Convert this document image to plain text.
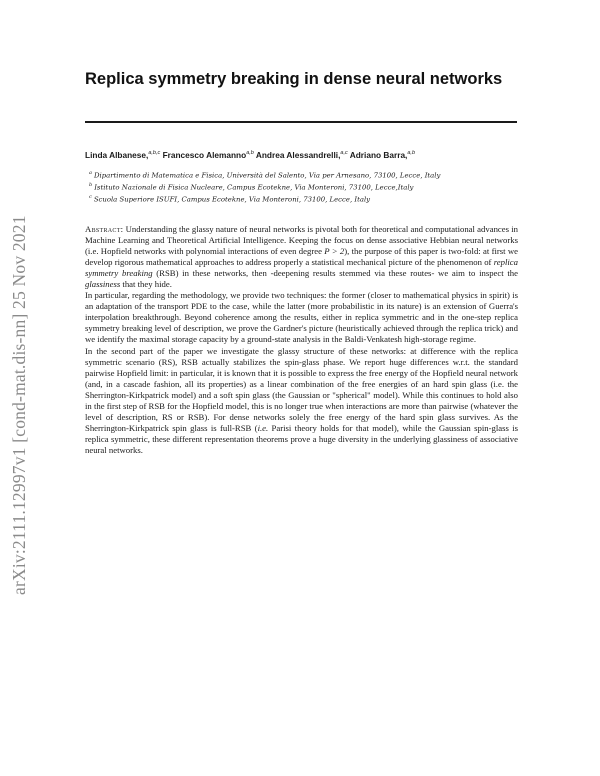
arXiv:2111.12997v1 [cond-mat.dis-nn] 25 Nov 2021
Replica symmetry breaking in dense neural networks
Linda Albanese,$^{a,b,c}$ Francesco Alemanno$^{a,b}$ Andrea Alessandrelli,$^{a,c}$ Adriano Barra,$^{a,b}$
$^a$ Dipartimento di Matematica e Fisica, Università del Salento, Via per Arnesano, 73100, Lecce, Italy
$^b$ Istituto Nazionale di Fisica Nucleare, Campus Ecotekne, Via Monteroni, 73100, Lecce,Italy
$^c$ Scuola Superiore ISUFI, Campus Ecotekne, Via Monteroni, 73100, Lecce, Italy

Abstract: Understanding the glassy nature of neural networks is pivotal both for theoretical and computational advances in Machine Learning and Theoretical Artificial Intelligence. Keeping the focus on dense associative Hebbian neural networks (i.e. Hopfield networks with polynomial interactions of even degree P > 2), the purpose of this paper is two-fold: at first we develop rigorous mathematical approaches to address properly a statistical mechanical picture of the phenomenon of replica symmetry breaking (RSB) in these networks, then -deepening results stemmed via these routes- we aim to inspect the glassiness that they hide.

In particular, regarding the methodology, we provide two techniques: the former (closer to mathematical physics in spirit) is an adaptation of the transport PDE to the case, while the latter (more probabilistic in its nature) is an extension of Guerra's interpolation breakthrough. Beyond coherence among the results, either in replica symmetric and in the one-step replica symmetry breaking level of description, we prove the Gardner's picture (heuristically achieved through the replica trick) and we identify the maximal storage capacity by a ground-state analysis in the Baldi-Venkatesh high-storage regime.

In the second part of the paper we investigate the glassy structure of these networks: at difference with the replica symmetric scenario (RS), RSB actually stabilizes the spin-glass phase. We report huge differences w.r.t. the standard pairwise Hopfield limit: in particular, it is known that it is possible to express the free energy of the Hopfield neural network (and, in a cascade fashion, all its properties) as a linear combination of the free energies of an hard spin glass (i.e. the Sherrington-Kirkpatrick model) and a soft spin glass (the Gaussian or "spherical" model). While this continues to hold also in the first step of RSB for the Hopfield model, this is no longer true when interactions are more than pairwise (whatever the level of description, RS or RSB). For dense networks solely the free energy of the hard spin glass survives. As the Sherrington-Kirkpatrick spin glass is full-RSB (i.e. Parisi theory holds for that model), while the Gaussian spin-glass is replica symmetric, these different representation theorems prove a huge diversity in the underlying glassiness of associative neural networks.
